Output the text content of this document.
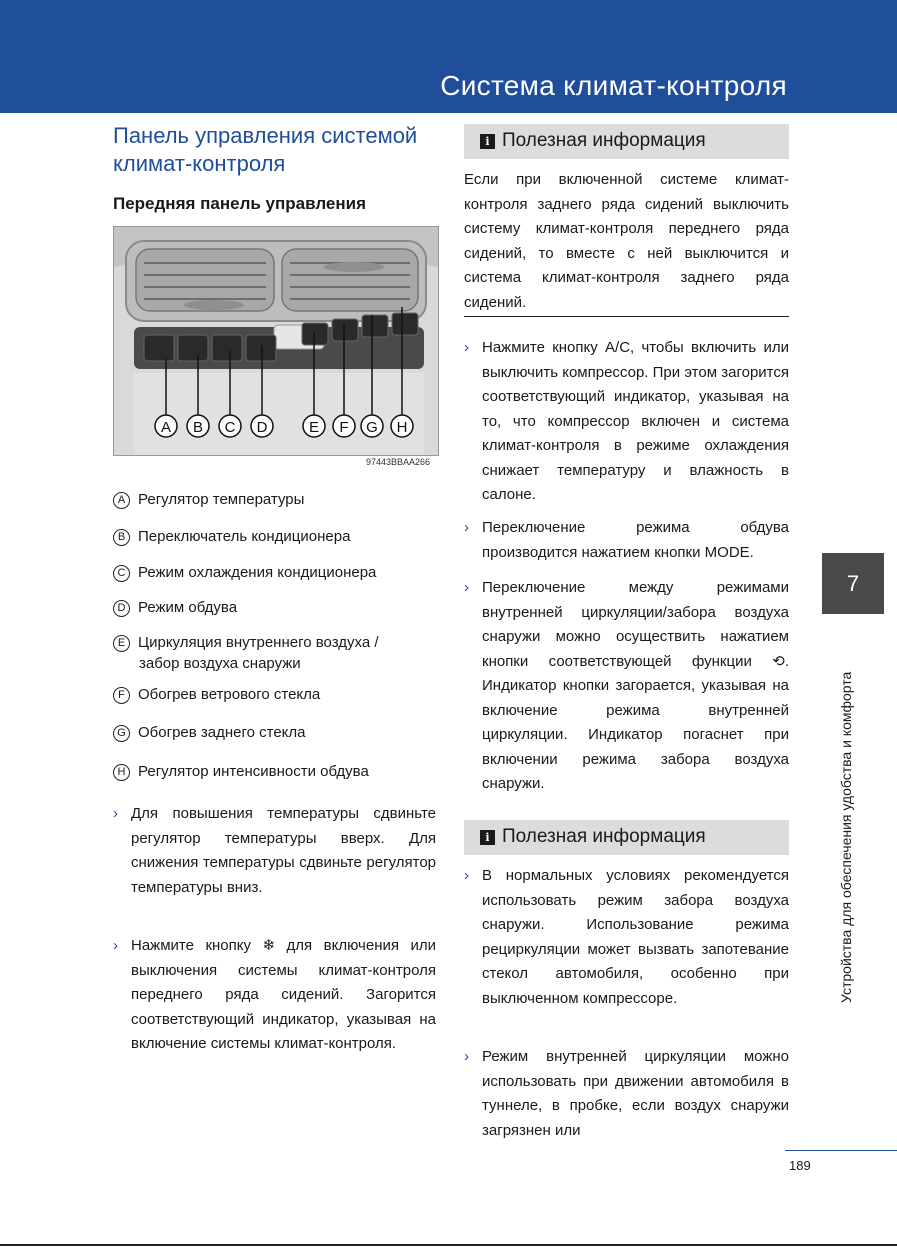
Система климат-контроля
Панель управления системой климат-контроля
Передняя панель управления
A B C D	E F G H
97443BBAA266
A Регулятор температуры
B Переключатель кондиционера
C Режим охлаждения кондиционера
D Режим обдува
E Циркуляция внутреннего воздуха /
забор воздуха снаружи
F Обогрев ветрового стекла
G Обогрев заднего стекла
H Регулятор интенсивности обдува
› Для повышения температуры сдвиньте регулятор температуры вверх. Для снижения температуры сдвиньте регулятор температуры вниз.
› Нажмите кнопку ❄ для включения или выключения системы климат-контроля переднего ряда сидений. Загорится соответствующий индикатор, указывая на включение системы климат-контроля.
i Полезная информация
Если при включенной системе климат-контроля заднего ряда сидений выключить систему климат-контроля переднего ряда сидений, то вместе с ней выключится и система климат-контроля заднего ряда сидений.
› Нажмите кнопку A/C, чтобы включить или выключить компрессор. При этом загорится соответствующий индикатор, указывая на то, что компрессор включен и система климат-контроля в режиме охлаждения снижает температуру и влажность в салоне.
› Переключение режима обдува производится нажатием кнопки MODE.
› Переключение между режимами внутренней циркуляции/забора воздуха снаружи можно осуществить нажатием кнопки соответствующей функции ⟲. Индикатор кнопки загорается, указывая на включение режима внутренней циркуляции. Индикатор погаснет при включении режима забора воздуха снаружи.
i Полезная информация
› В нормальных условиях рекомендуется использовать режим забора воздуха снаружи. Использование режима рециркуляции может вызвать запотевание стекол автомобиля, особенно при выключенном компрессоре.
› Режим внутренней циркуляции можно использовать при движении автомобиля в туннеле, в пробке, если воздух снаружи загрязнен или
7
Устройства для обеспечения удобства и комфорта
189
